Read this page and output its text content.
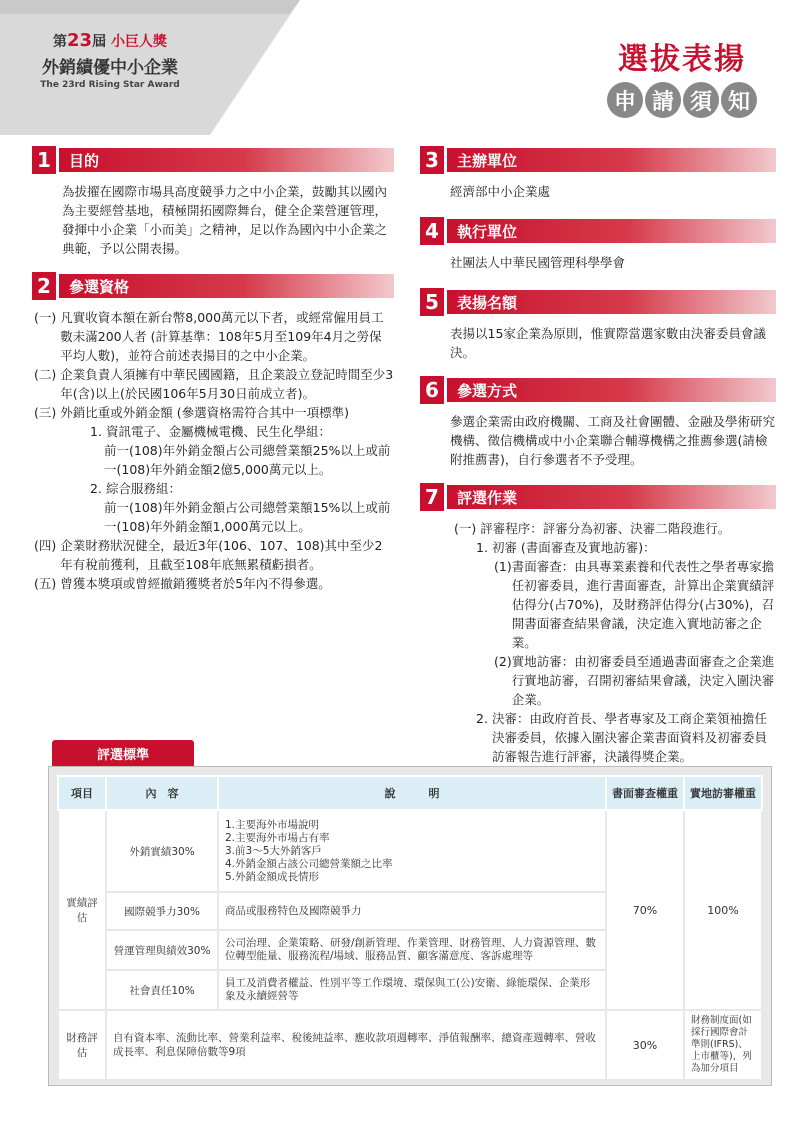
第23屆 小巨人獎
外銷績優中小企業
The 23rd Rising Star Award
選拔表揚
申 請 須 知
1	目的
為拔擢在國際市場具高度競爭力之中小企業，鼓勵其以國內為主要經營基地，積極開拓國際舞台，健全企業營運管理，發揮中小企業「小而美」之精神，足以作為國內中小企業之典範，予以公開表揚。
2	參選資格
(一) 凡實收資本額在新台幣8,000萬元以下者，或經常僱用員工數未滿200人者 (計算基準：108年5月至109年4月之勞保平均人數)，並符合前述表揚目的之中小企業。
(二) 企業負責人須擁有中華民國國籍，且企業設立登記時間至少3年(含)以上(於民國106年5月30日前成立者)。
(三) 外銷比重或外銷金額 (參選資格需符合其中一項標準)
1. 資訊電子、金屬機械電機、民生化學組：
前一(108)年外銷金額占公司總營業額25%以上或前一(108)年外銷金額2億5,000萬元以上。
2. 綜合服務組：
前一(108)年外銷金額占公司總營業額15%以上或前一(108)年外銷金額1,000萬元以上。
(四) 企業財務狀況健全，最近3年(106、107、108)其中至少2年有稅前獲利，且截至108年底無累積虧損者。
(五) 曾獲本獎項或曾經撤銷獲獎者於5年內不得參選。
3	主辦單位
經濟部中小企業處
4	執行單位
社團法人中華民國管理科學學會
5	表揚名額
表揚以15家企業為原則，惟實際當選家數由決審委員會議決。
6	參選方式
參選企業需由政府機關、工商及社會團體、金融及學術研究機構、徵信機構或中小企業聯合輔導機構之推薦參選(請檢附推薦書)，自行參選者不予受理。
7	評選作業
(一) 評審程序：評審分為初審、決審二階段進行。
1. 初審 (書面審查及實地訪審)：
(1) 書面審查：由具專業素養和代表性之學者專家擔任初審委員，進行書面審查，計算出企業實績評估得分(占70%)，及財務評估得分(占30%)，召開書面審查結果會議，決定進入實地訪審之企業。
(2) 實地訪審：由初審委員至通過書面審查之企業進行實地訪審，召開初審結果會議，決定入圍決審企業。
2. 決審：由政府首長、學者專家及工商企業領袖擔任決審委員，依據入圍決審企業書面資料及初審委員訪審報告進行評審，決議得獎企業。
評選標準
項目	內　容	說　　　明	書面審查權重	實地訪審權重
實績評估	外銷實績30%	1.主要海外市場說明
2.主要海外市場占有率
3.前3～5大外銷客戶
4.外銷金額占該公司總營業額之比率
5.外銷金額成長情形	70%	100%
	國際競爭力30%	商品或服務特色及國際競爭力		

	營運管理與績效30%	公司治理、企業策略、研發/創新管理、作業管理、財務管理、人力資源管理、數位轉型能量、服務流程/場域、服務品質、顧客滿意度、客訴處理等		

	社會責任10%	員工及消費者權益、性別平等工作環境、環保與工(公)安衛、綠能環保、企業形象及永續經營等		

財務評估	自有資本率、流動比率、營業利益率、稅後純益率、應收款項週轉率、淨值報酬率、總資產週轉率、營收成長率、利息保障倍數等9項		30%	財務制度面(如採行國際會計準則(IFRS)、上市櫃等)，列為加分項目
